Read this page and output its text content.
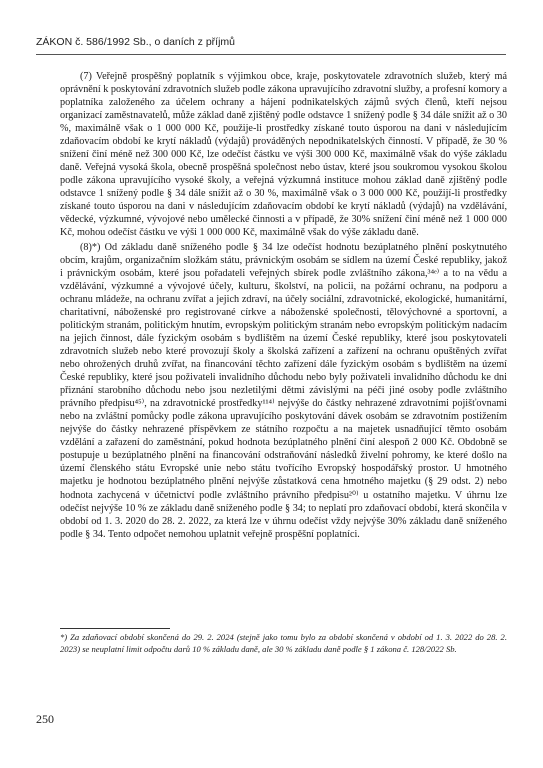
ZÁKON č. 586/1992 Sb., o daních z příjmů

(7) Veřejně prospěšný poplatník s výjimkou obce, kraje, poskytovatele zdravotních služeb, který má oprávnění k poskytování zdravotních služeb podle zákona upravujícího zdravotní služby, a profesní komory a poplatníka založeného za účelem ochrany a hájení podnikatelských zájmů svých členů, kteří nejsou organizací zaměstnavatelů, může základ daně zjištěný podle odstavce 1 snížený podle § 34 dále snížit až o 30 %, maximálně však o 1 000 000 Kč, použije-li prostředky získané touto úsporou na dani v následujícím zdaňovacím období ke krytí nákladů (výdajů) prováděných nepodnikatelských činností. V případě, že 30 % snížení činí méně než 300 000 Kč, lze odečíst částku ve výši 300 000 Kč, maximálně však do výše základu daně. Veřejná vysoká škola, obecně prospěšná společnost nebo ústav, které jsou soukromou vysokou školou podle zákona upravujícího vysoké školy, a veřejná výzkumná instituce mohou základ daně zjištěný podle odstavce 1 snížený podle § 34 dále snížit až o 30 %, maximálně však o 3 000 000 Kč, použijí-li prostředky získané touto úsporou na dani v následujícím zdaňovacím období ke krytí nákladů (výdajů) na vzdělávání, vědecké, výzkumné, vývojové nebo umělecké činnosti a v případě, že 30% snížení činí méně než 1 000 000 Kč, mohou odečíst částku ve výši 1 000 000 Kč, maximálně však do výše základu daně.

(8)*) Od základu daně sníženého podle § 34 lze odečíst hodnotu bezúplatného plnění poskytnutého obcím, krajům, organizačním složkám státu, právnickým osobám se sídlem na území České republiky, jakož i právnickým osobám, které jsou pořadateli veřejných sbírek podle zvláštního zákona,³⁴ᵉ⁾ a to na vědu a vzdělávání, výzkumné a vývojové účely, kulturu, školství, na policii, na požární ochranu, na podporu a ochranu mládeže, na ochranu zvířat a jejich zdraví, na účely sociální, zdravotnické, ekologické, humanitární, charitativní, náboženské pro registrované církve a náboženské společnosti, tělovýchovné a sportovní, a politickým stranám, politickým hnutím, evropským politickým stranám nebo evropským politickým nadacím na jejich činnost, dále fyzickým osobám s bydlištěm na území České republiky, které jsou poskytovateli zdravotních služeb nebo které provozují školy a školská zařízení a zařízení na ochranu opuštěných zvířat nebo ohrožených druhů zvířat, na financování těchto zařízení dále fyzickým osobám s bydlištěm na území České republiky, které jsou poživateli invalidního důchodu nebo byly poživateli invalidního důchodu ke dni přiznání starobního důchodu nebo jsou nezletilými dětmi závislými na péči jiné osoby podle zvláštního právního předpisu⁴⁵⁾, na zdravotnické prostředky¹¹⁴⁾ nejvýše do částky nehrazené zdravotními pojišťovnami nebo na zvláštní pomůcky podle zákona upravujícího poskytování dávek osobám se zdravotním postižením nejvýše do částky nehrazené příspěvkem ze státního rozpočtu a na majetek usnadňující těmto osobám vzdělání a zařazení do zaměstnání, pokud hodnota bezúplatného plnění činí alespoň 2 000 Kč. Obdobně se postupuje u bezúplatného plnění na financování odstraňování následků živelní pohromy, ke které došlo na území členského státu Evropské unie nebo státu tvořícího Evropský hospodářský prostor. U hmotného majetku je hodnotou bezúplatného plnění nejvýše zůstatková cena hmotného majetku (§ 29 odst. 2) nebo hodnota zachycená v účetnictví podle zvláštního právního předpisu²⁰⁾ u ostatního majetku. V úhrnu lze odečíst nejvýše 10 % ze základu daně sníženého podle § 34; to neplatí pro zdaňovací období, která skončila v období od 1. 3. 2020 do 28. 2. 2022, za která lze v úhrnu odečíst vždy nejvýše 30% základu daně sníženého podle § 34. Tento odpočet nemohou uplatnit veřejně prospěšní poplatníci.

*) Za zdaňovací období skončená do 29. 2. 2024 (stejně jako tomu bylo za období skončená v období od 1. 3. 2022 do 28. 2. 2023) se neuplatní limit odpočtu darů 10 % základu daně, ale 30 % základu daně podle § 1 zákona č. 128/2022 Sb.
250
